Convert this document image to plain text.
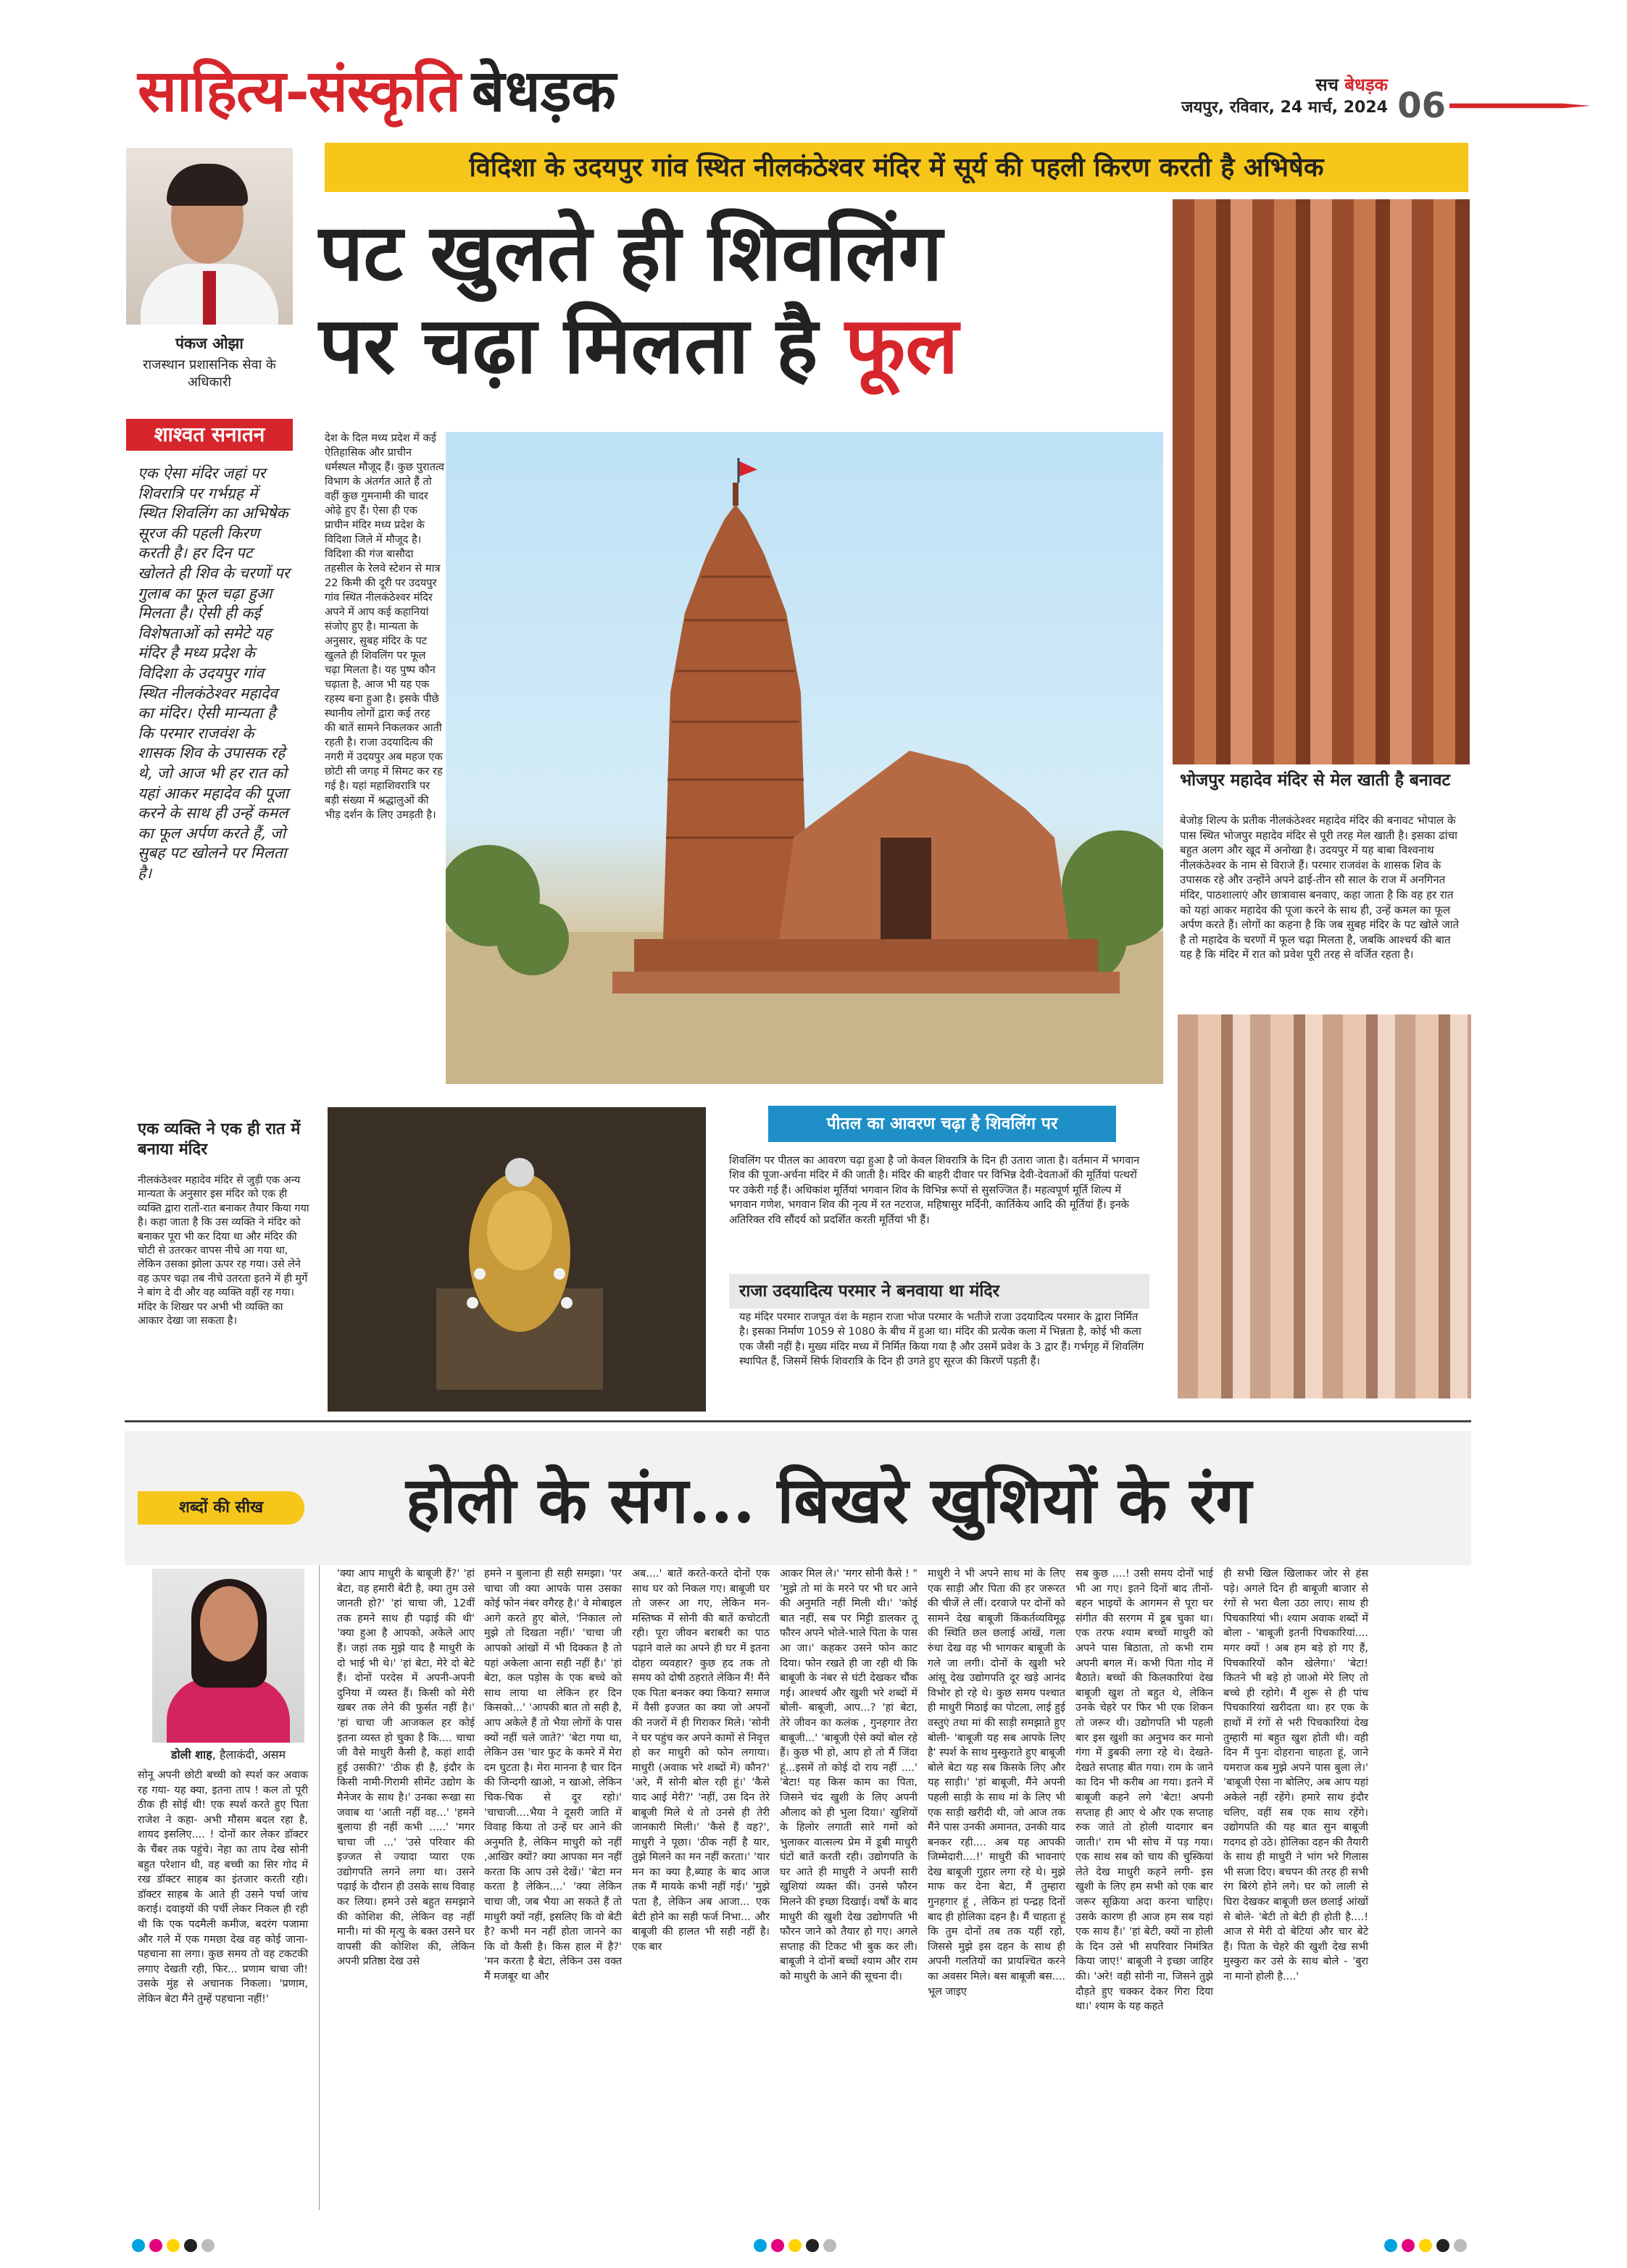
साहित्य-संस्कृति बेधड़क	सच बेधड़क
जयपुर, रविवार, 24 मार्च, 2024 06
पंकज ओझा
राजस्थान प्रशासनिक सेवा के अधिकारी
शाश्वत सनातन
एक ऐसा मंदिर जहां पर शिवरात्रि पर गर्भग्रह में स्थित शिवलिंग का अभिषेक सूरज की पहली किरण करती है। हर दिन पट खोलते ही शिव के चरणों पर गुलाब का फूल चढ़ा हुआ मिलता है। ऐसी ही कई विशेषताओं को समेटे यह मंदिर है मध्य प्रदेश के विदिशा के उदयपुर गांव स्थित नीलकंठेश्वर महादेव का मंदिर। ऐसी मान्यता है कि परमार राजवंश के शासक शिव के उपासक रहे थे, जो आज भी हर रात को यहां आकर महादेव की पूजा करने के साथ ही उन्हें कमल का फूल अर्पण करते हैं, जो सुबह पट खोलने पर मिलता है।
विदिशा के उदयपुर गांव स्थित नीलकंठेश्वर मंदिर में सूर्य की पहली किरण करती है अभिषेक
पट खुलते ही शिवलिंग
पर चढ़ा मिलता है फूल
देश के दिल मध्य प्रदेश में कई ऐतिहासिक और प्राचीन धर्मस्थल मौजूद हैं। कुछ पुरातत्व विभाग के अंतर्गत आते हैं तो वहीं कुछ गुमनामी की चादर ओढ़े हुए हैं। ऐसा ही एक प्राचीन मंदिर मध्य प्रदेश के विदिशा जिले में मौजूद है। विदिशा की गंज बासौदा तहसील के रेलवे स्टेशन से मात्र 22 किमी की दूरी पर उदयपुर गांव स्थित नीलकंठेश्वर मंदिर अपने में आप कई कहानियां संजोए हुए है। मान्यता के अनुसार, सुबह मंदिर के पट खुलते ही शिवलिंग पर फूल चढ़ा मिलता है। यह पुष्प कौन चढ़ाता है, आज भी यह एक रहस्य बना हुआ है। इसके पीछे स्थानीय लोगों द्वारा कई तरह की बातें सामने निकलकर आती रहती है। राजा उदयादित्य की नगरी में उदयपुर अब महज एक छोटी सी जगह में सिमट कर रह गई है। यहां महाशिवरात्रि पर बड़ी संख्या में श्रद्धालुओं की भीड़ दर्शन के लिए उमड़ती है।
भोजपुर महादेव मंदिर से मेल खाती है बनावट
बेजोड़ शिल्प के प्रतीक नीलकंठेश्वर महादेव मंदिर की बनावट भोपाल के पास स्थित भोजपुर महादेव मंदिर से पूरी तरह मेल खाती है। इसका ढांचा बहुत अलग और खूद में अनोखा है। उदयपुर में यह बाबा विश्वनाथ नीलकंठेश्वर के नाम से विराजे हैं। परमार राजवंश के शासक शिव के उपासक रहे और उन्होंने अपने ढाई-तीन सौ साल के राज में अनगिनत मंदिर, पाठशालाएं और छात्रावास बनवाए, कहा जाता है कि वह हर रात को यहां आकर महादेव की पूजा करने के साथ ही, उन्हें कमल का फूल अर्पण करते हैं। लोगों का कहना है कि जब सुबह मंदिर के पट खोले जाते है तो महादेव के चरणों में फूल चढ़ा मिलता है, जबकि आश्चर्य की बात यह है कि मंदिर में रात को प्रवेश पूरी तरह से वर्जित रहता है।
एक व्यक्ति ने एक ही रात में बनाया मंदिर
नीलकंठेश्वर महादेव मंदिर से जुड़ी एक अन्य मान्यता के अनुसार इस मंदिर को एक ही व्यक्ति द्वारा रातों-रात बनाकर तैयार किया गया है। कहा जाता है कि उस व्यक्ति ने मंदिर को बनाकर पूरा भी कर दिया था और मंदिर की चोटी से उतरकर वापस नीचे आ गया था, लेकिन उसका झोला ऊपर रह गया। उसे लेने वह ऊपर चढ़ा तब नीचे उतरता इतने में ही मुर्गे ने बांग दे दी और वह व्यक्ति वहीं रह गया। मंदिर के शिखर पर अभी भी व्यक्ति का आकार देखा जा सकता है।
पीतल का आवरण चढ़ा है शिवलिंग पर
शिवलिंग पर पीतल का आवरण चढ़ा हुआ है जो केवल शिवरात्रि के दिन ही उतारा जाता है। वर्तमान में भगवान शिव की पूजा-अर्चना मंदिर में की जाती है। मंदिर की बाहरी दीवार पर विभिन्न देवी-देवताओं की मूर्तियां पत्थरों पर उकेरी गई हैं। अधिकांश मूर्तियां भगवान शिव के विभिन्न रूपों से सुसज्जित हैं। महत्वपूर्ण मूर्ति शिल्प में भगवान गणेश, भगवान शिव की नृत्य में रत नटराज, महिषासुर मर्दिनी, कार्तिकेय आदि की मूर्तियां हैं। इनके अतिरिक्त रवि सौंदर्य को प्रदर्शित करती मूर्तियां भी हैं।
राजा उदयादित्य परमार ने बनवाया था मंदिर
यह मंदिर परमार राजपूत वंश के महान राजा भोज परमार के भतीजे राजा उदयादित्य परमार के द्वारा निर्मित है। इसका निर्माण 1059 से 1080 के बीच में हुआ था। मंदिर की प्रत्येक कला में भिन्नता है, कोई भी कला एक जैसी नहीं है। मुख्य मंदिर मध्य में निर्मित किया गया है और उसमें प्रवेश के 3 द्वार हैं। गर्भगृह में शिवलिंग स्थापित हैं, जिसमें सिर्फ शिवरात्रि के दिन ही उगते हुए सूरज की किरणें पड़ती हैं।
शब्दों की सीख	होली के संग... बिखरे खुशियों के रंग
डोली शाह, हैलाकंदी, असम
सोनू अपनी छोटी बच्ची को स्पर्श कर अवाक रह गया- यह क्या, इतना ताप ! कल तो पूरी ठीक ही सोई थी! एक स्पर्श करते हुए पिता राजेश ने कहा- अभी मौसम बदल रहा है, शायद इसलिए.... ! दोनों कार लेकर डॉक्टर के चैंबर तक पहुंचे। नेहा का ताप देख सोनी बहुत परेशान थी, वह बच्ची का सिर गोद में रख डॉक्टर साहब का इंतजार करती रही। डॉक्टर साहब के आते ही उसने पर्चा जांच कराई। दवाइयों की पर्ची लेकर निकल ही रही थी कि एक पदमैली कमीज, बदरंग पजामा और गले में एक गमछा देख वह कोई जाना-पहचाना सा लगा। कुछ समय तो वह टकटकी लगाए देखती रही, फिर... प्रणाम चाचा जी! उसके मुंह से अचानक निकला। 'प्रणाम, लेकिन बेटा मैंने तुम्हें पहचाना नहीं!'
'क्या आप माधुरी के बाबूजी हैं?' 'हां बेटा, वह हमारी बेटी है, क्या तुम उसे जानती हो?' 'हां चाचा जी, 12वीं तक हमने साथ ही पढ़ाई की थी' 'क्या हुआ है आपको, अकेले आए हैं। जहां तक मुझे याद है माधुरी के दो भाई भी थे।' 'हां बेटा, मेरे दो बेटे हैं। दोनों परदेस में अपनी-अपनी दुनिया में व्यस्त हैं। किसी को मेरी खबर तक लेने की फुर्सत नहीं है।' 'हां चाचा जी आजकल हर कोई इतना व्यस्त हो चुका है कि.... चाचा जी वैसे माधुरी कैसी है, कहां शादी हुई उसकी?' 'ठीक ही है, इंदौर के किसी नामी-गिरामी सीमेंट उद्योग के मैनेजर के साथ है।' उनका रूखा सा जवाब था 'आती नहीं वह...' 'हमने बुलाया ही नहीं कभी .....' 'मगर चाचा जी ...' 'उसे परिवार की इज्जत से ज्यादा प्यारा एक उद्योगपति लगने लगा था। उसने पढ़ाई के दौरान ही उसके साथ विवाह कर लिया। हमने उसे बहुत समझाने की कोशिश की, लेकिन वह नहीं मानी। मां की मृत्यु के बक्त उसने घर वापसी की कोशिश की, लेकिन अपनी प्रतिष्ठा देख उसे
हमने न बुलाना ही सही समझा। 'पर चाचा जी क्या आपके पास उसका कोई फोन नंबर वगैरह है।' वे मोबाइल आगे करते हुए बोले, 'निकाल लो मुझे तो दिखता नहीं।' 'चाचा जी आपको आंखों में भी दिक्कत है तो यहां अकेला आना सही नहीं है।' 'हां बेटा, कल पड़ोस के एक बच्चे को साथ लाया था लेकिन हर दिन किसको...' 'आपकी बात तो सही है, आप अकेले हैं तो भैया लोगों के पास क्यों नहीं चले जाते?' 'बेटा गया था, लेकिन उस 'चार फुट के कमरे में मेरा दम घुटता है। मेरा मानना है चार दिन की जिन्दगी खाओ, न खाओ, लेकिन चिक-चिक से दूर रहो।' 'चाचाजी....भैया ने दूसरी जाति में विवाह किया तो उन्हें घर आने की अनुमति है, लेकिन माधुरी को नहीं ,आखिर क्यों? क्या आपका मन नहीं करता कि आप उसे देखें।' 'बेटा मन करता है लेकिन....' 'क्या लेकिन चाचा जी, जब भैया आ सकते हैं तो माधुरी क्यों नहीं, इसलिए कि वो बेटी है? कभी मन नहीं होता जानने का कि वो कैसी है। किस हाल में है?' 'मन करता है बेटा, लेकिन उस वक्त मैं मजबूर था और
अब....' बातें करते-करते दोनों एक साथ घर को निकल गए। बाबूजी घर तो जरूर आ गए, लेकिन मन-मस्तिष्क में सोनी की बातें कचोटती रही। पूरा जीवन बराबरी का पाठ पढ़ाने वाले का अपने ही घर में इतना दोहरा व्यवहार? कुछ हद तक तो समय को दोषी ठहराते लेकिन मैं! मैंने एक पिता बनकर क्या किया? समाज में वैसी इज्जत का क्या जो अपनों की नजरों में ही गिराकर मिले। 'सोनी ने घर पहुंच कर अपने कामों से निवृत्त हो कर माधुरी को फोन लगाया। माधुरी (अवाक भरे शब्दों में) कौन?' 'अरे, मैं सोनी बोल रही हूं।' 'कैसे याद आई मेरी?' 'नहीं, उस दिन तेरे बाबूजी मिले थे तो उनसे ही तेरी जानकारी मिली।' 'कैसे हैं वह?', माधुरी ने पूछा। 'ठीक नहीं है यार, तुझे मिलने का मन नहीं करता।' 'यार मन का क्या है,ब्याह के बाद आज तक मैं मायके कभी नहीं गई।' 'मुझे पता है, लेकिन अब आजा... एक बेटी होने का सही फर्ज निभा... और बाबूजी की हालत भी सही नहीं है। एक बार
आकर मिल ले।' 'मगर सोनी कैसे ! " 'मुझे तो मां के मरने पर भी घर आने की अनुमति नहीं मिली थी।' 'कोई बात नहीं, सब पर मिट्टी डालकर तू फौरन अपने भोले-भाले पिता के पास आ जा।' कहकर उसने फोन काट दिया। फोन रखते ही जा रही थी कि बाबूजी के नंबर से घंटी देखकर चौंक गई। आश्चर्य और खुशी भरे शब्दों में बोली- बाबूजी, आप...? 'हां बेटा, तेरे जीवन का कलंक , गुनहगार तेरा बाबूजी...' 'बाबूजी ऐसे क्यों बोल रहे हैं। कुछ भी हो, आप हो तो मैं जिंदा हूं...इसमें तो कोई दो राय नहीं ....' 'बेटा! यह किस काम का पिता, जिसने चंद खुशी के लिए अपनी औलाद को ही भुला दिया।' खुशियों के हिलोर लगाती सारे गमों को भुलाकर वात्सल्य प्रेम में डूबी माधुरी घंटों बातें करती रही। उद्योगपति के घर आते ही माधुरी ने अपनी सारी खुशियां व्यक्त कीं। उनसे फौरन मिलने की इच्छा दिखाई। वर्षों के बाद माधुरी की खुशी देख उद्योगपति भी फौरन जाने को तैयार हो गए। अगले सप्ताह की टिकट भी बुक कर ली। बाबूजी ने दोनों बच्चों श्याम और राम को माधुरी के आने की सूचना दी।
माधुरी ने भी अपने साथ मां के लिए एक साड़ी और पिता की हर जरूरत की चीजें ले लीं। दरवाजे पर दोनों को सामने देख बाबूजी किंकर्तव्यविमूढ़ की स्थिति छल छलाई आंखें, गला रुंधा देख वह भी भागकर बाबूजी के गले जा लगी। दोनों के खुशी भरे आंसू देख उद्योगपति दूर खड़े आनंद विभोर हो रहे थे। कुछ समय पश्चात ही माधुरी मिठाई का पोटला, लाई हुई वस्तुएं तथा मां की साड़ी समझाते हुए बोली- 'बाबूजी यह सब आपके लिए है' स्पर्श के साथ मुस्कुराते हुए बाबूजी बोले बेटा यह सब किसके लिए और यह साड़ी।' 'हां बाबूजी, मैंने अपनी पहली साड़ी के साथ मां के लिए भी एक साड़ी खरीदी थी, जो आज तक मैंने पास उनकी अमानत, उनकी याद बनकर रही.... अब यह आपकी जिम्मेदारी....!' माधुरी की भावनाएं देख बाबूजी गुहार लगा रहे थे। मुझे माफ कर देना बेटा, मैं तुम्हारा गुनहगार हूं , लेकिन हां पन्द्रह दिनों बाद ही होलिका दहन है। मैं चाहता हूं कि तुम दोनों तब तक यहीं रहो, जिससे मुझे इस दहन के साथ ही अपनी गलतियों का प्रायश्चित करने का अवसर मिले। बस बाबूजी बस.... भूल जाइए
सब कुछ ....! उसी समय दोनों भाई भी आ गए। इतने दिनों बाद तीनों-बहन भाइयों के आगमन से पूरा घर संगीत की सरगम में डूब चुका था। एक तरफ श्याम बच्चों माधुरी को अपने पास बिठाता, तो कभी राम अपनी बगल में। कभी पिता गोद में बैठाते। बच्चों की किलकारियां देख बाबूजी खुश तो बहुत थे, लेकिन उनके चेहरे पर फिर भी एक शिकन तो जरूर थी। उद्योगपति भी पहली बार इस खुशी का अनुभव कर मानो गंगा में डुबकी लगा रहे थे। देखते-देखते सप्ताह बीत गया। राम के जाने का दिन भी करीब आ गया। इतने में बाबूजी कहने लगे 'बेटा! अपनी सप्ताह ही आए थे और एक सप्ताह रुक जाते तो होली यादगार बन जाती।' राम भी सोच में पड़ गया। एक साथ सब को चाय की चुस्कियां लेते देख माधुरी कहने लगी- इस खुशी के लिए हम सभी को एक बार जरूर सूक्रिया अदा करना चाहिए। उसके कारण ही आज हम सब यहां एक साथ हैं।' 'हां बेटी, क्यों ना होली के दिन उसे भी सपरिवार निमंत्रित किया जाए!' बाबूजी ने इच्छा जाहिर की। 'अरे! वही सोनी ना, जिसने तुझे दौड़ते हुए चक्कर देकर गिरा दिया था।' श्याम के यह कहते
ही सभी खिल खिलाकर जोर से हंस पड़े। अगले दिन ही बाबूजी बाजार से रंगों से भरा थैला उठा लाए। साथ ही पिचकारियां भी। श्याम अवाक शब्दों में बोला - 'बाबूजी इतनी पिचकारियां.... मगर क्यों ! अब हम बड़े हो गए हैं, पिचकारियों कौन खेलेगा।' 'बेटा! कितने भी बड़े हो जाओ मेरे लिए तो बच्चे ही रहोगे। मैं शुरू से ही पांच पिचकारियां खरीदता था। हर एक के हाथों में रंगों से भरी पिचकारियां देख तुम्हारी मां बहुत खुश होती थी। वही दिन मैं पुनः दोहराना चाहता हूं, जाने यमराज कब मुझे अपने पास बुला ले।' 'बाबूजी ऐसा ना बोलिए, अब आप यहां अकेले नहीं रहेंगे। हमारे साथ इंदौर चलिए, वहीं सब एक साथ रहेंगे। उद्योगपति की यह बात सुन बाबूजी गदगद हो उठे। होलिका दहन की तैयारी के साथ ही माधुरी ने भांग भरे गिलास भी सजा दिए। बचपन की तरह ही सभी रंग बिरंगे होने लगे। घर को लाली से घिरा देखकर बाबूजी छल छलाई आंखों से बोले- 'बेटी तो बेटी ही होती है....! आज से मेरी दो बेटियां और चार बेटे हैं। पिता के चेहरे की खुशी देख सभी मुस्कुरा कर उसे के साथ बोले - 'बुरा ना मानो होली है....'
